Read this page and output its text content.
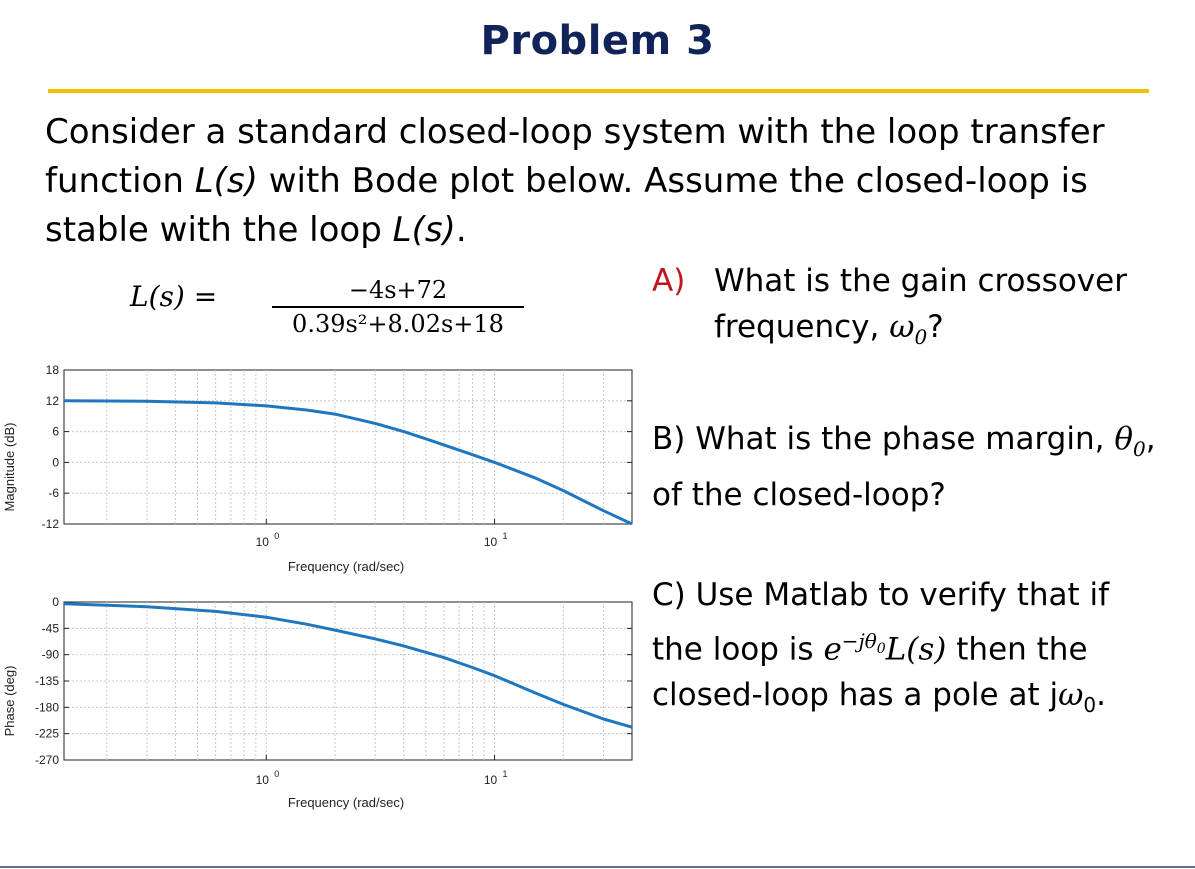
Problem 3
Consider a standard closed-loop system with the loop transfer
function L(s) with Bode plot below. Assume the closed-loop is
stable with the loop L(s).
L(s) =	−4s+72
0.39s²+8.02s+18
A) What is the gain crossover
frequency, $\omega_0$?
B) What is the phase margin, $\theta_0$,
of the closed-loop?
C) Use Matlab to verify that if
the loop is $e^{-j\theta_0}L(s)$ then the
closed-loop has a pole at $j\omega_0$.
18
12
6
0
-6
-12
10 0	10 1
Frequency (rad/sec)
Magnitude (dB)
0
-45
-90
-135
-180
-225
-270
10 0	10 1
Frequency (rad/sec)
Phase (deg)
